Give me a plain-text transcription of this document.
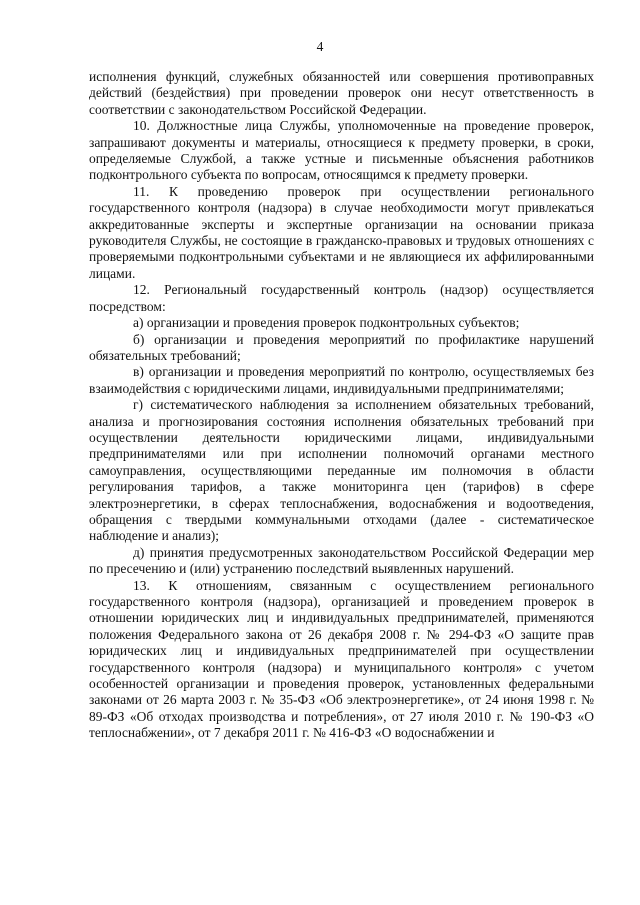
4

исполнения функций, служебных обязанностей или совершения противоправных действий (бездействия) при проведении проверок они несут ответственность в соответствии с законодательством Российской Федерации.

10. Должностные лица Службы, уполномоченные на проведение проверок, запрашивают документы и материалы, относящиеся к предмету проверки, в сроки, определяемые Службой, а также устные и письменные объяснения работников подконтрольного субъекта по вопросам, относящимся к предмету проверки.

11. К проведению проверок при осуществлении регионального государственного контроля (надзора) в случае необходимости могут привлекаться аккредитованные эксперты и экспертные организации на основании приказа руководителя Службы, не состоящие в гражданско-правовых и трудовых отношениях с проверяемыми подконтрольными субъектами и не являющиеся их аффилированными лицами.

12. Региональный государственный контроль (надзор) осуществляется посредством:

а) организации и проведения проверок подконтрольных субъектов;

б) организации и проведения мероприятий по профилактике нарушений обязательных требований;

в) организации и проведения мероприятий по контролю, осуществляемых без взаимодействия с юридическими лицами, индивидуальными предпринимателями;

г) систематического наблюдения за исполнением обязательных требований, анализа и прогнозирования состояния исполнения обязательных требований при осуществлении деятельности юридическими лицами, индивидуальными предпринимателями или при исполнении полномочий органами местного самоуправления, осуществляющими переданные им полномочия в области регулирования тарифов, а также мониторинга цен (тарифов) в сфере электроэнергетики, в сферах теплоснабжения, водоснабжения и водоотведения, обращения с твердыми коммунальными отходами (далее - систематическое наблюдение и анализ);

д) принятия предусмотренных законодательством Российской Федерации мер по пресечению и (или) устранению последствий выявленных нарушений.

13. К отношениям, связанным с осуществлением регионального государственного контроля (надзора), организацией и проведением проверок в отношении юридических лиц и индивидуальных предпринимателей, применяются положения Федерального закона от 26 декабря 2008 г. № 294-ФЗ «О защите прав юридических лиц и индивидуальных предпринимателей при осуществлении государственного контроля (надзора) и муниципального контроля» с учетом особенностей организации и проведения проверок, установленных федеральными законами от 26 марта 2003 г. № 35-ФЗ «Об электроэнергетике», от 24 июня 1998 г. № 89-ФЗ «Об отходах производства и потребления», от 27 июля 2010 г. № 190-ФЗ «О теплоснабжении», от 7 декабря 2011 г. № 416-ФЗ «О водоснабжении и
